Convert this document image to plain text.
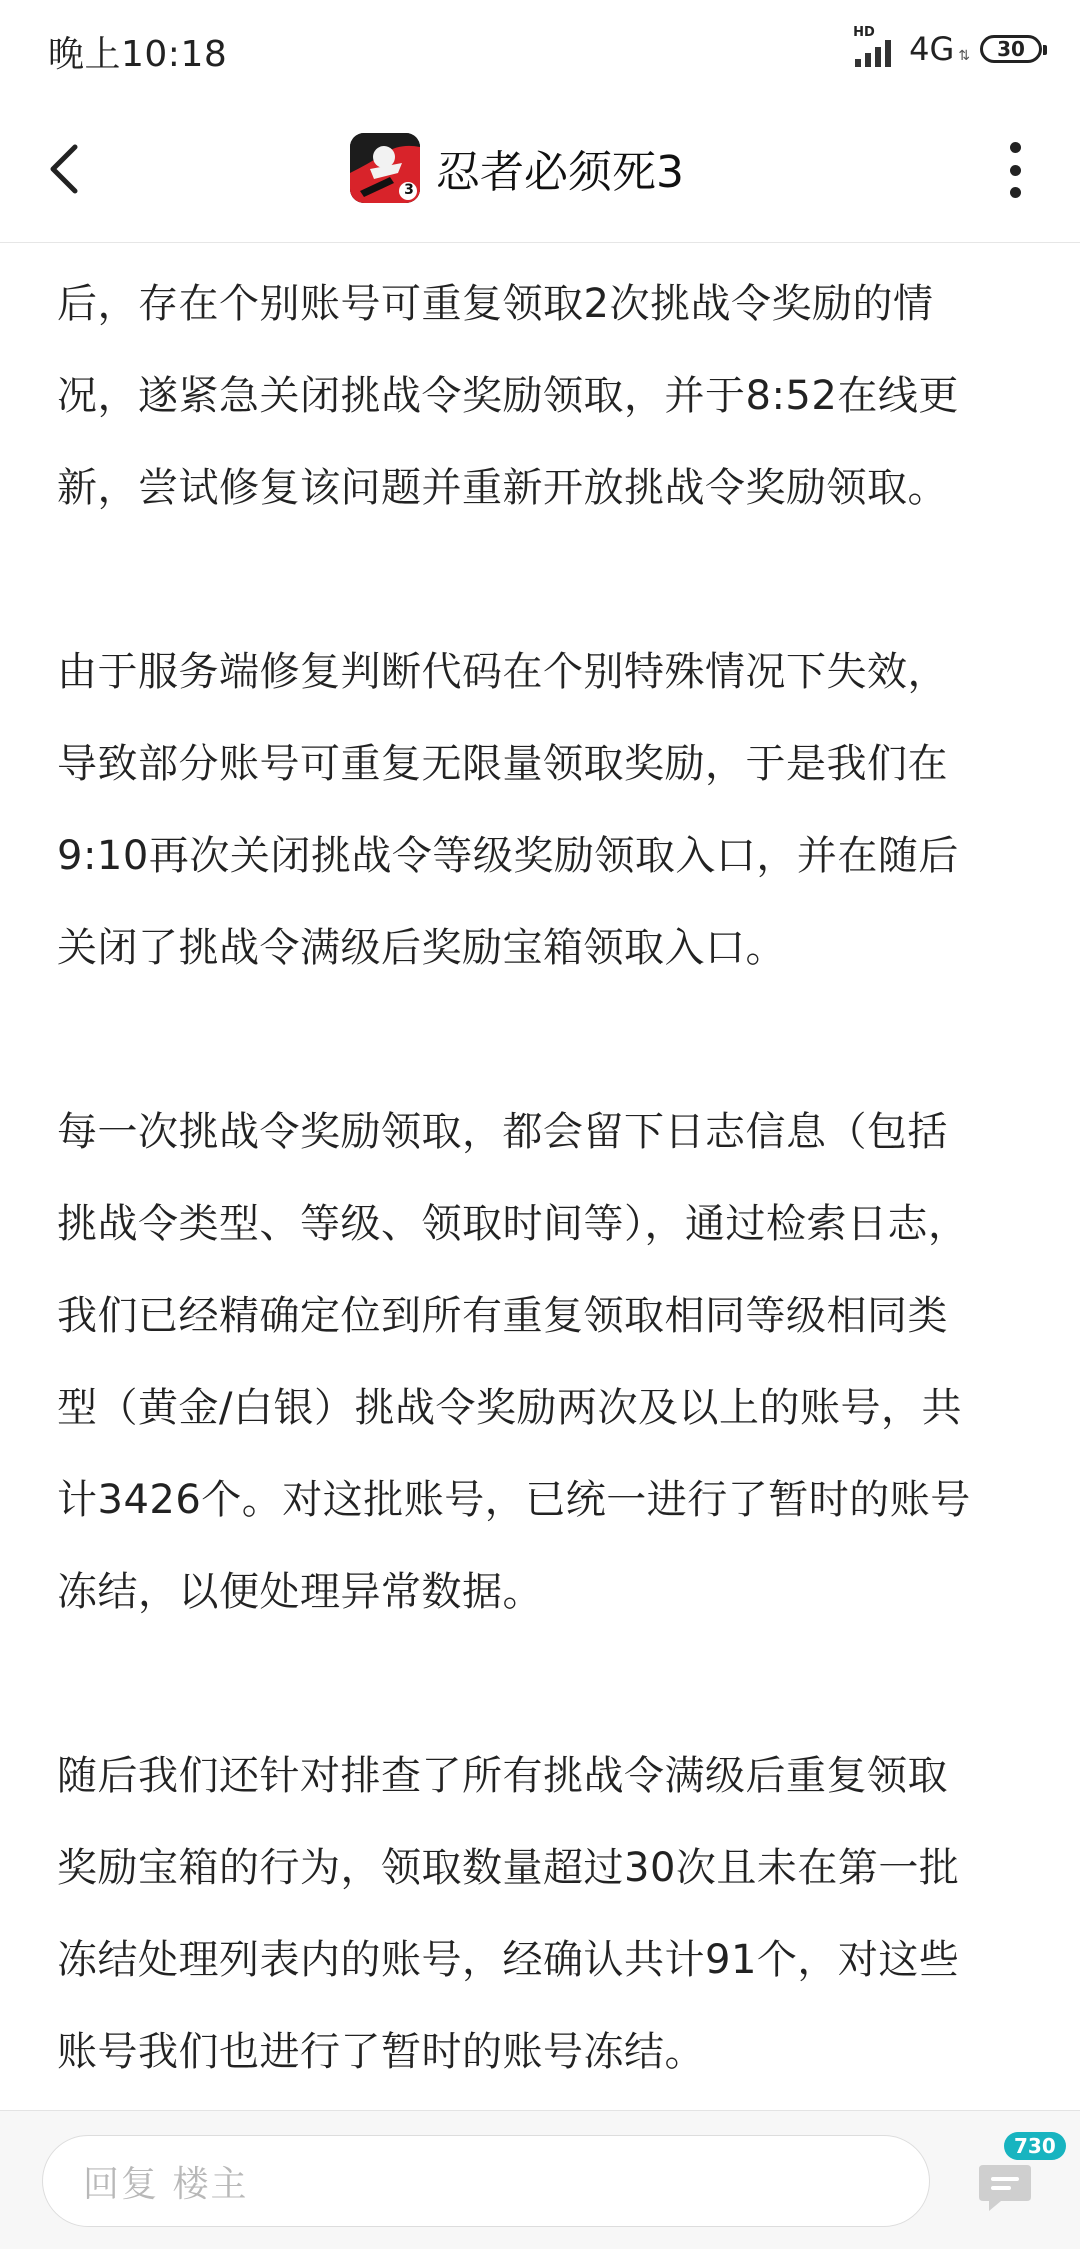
晚上10:18
HD 4G ⇅ 30
3 忍者必须死3

后，存在个别账号可重复领取2次挑战令奖励的情
况，遂紧急关闭挑战令奖励领取，并于8:52在线更
新，尝试修复该问题并重新开放挑战令奖励领取。

由于服务端修复判断代码在个别特殊情况下失效，
导致部分账号可重复无限量领取奖励，于是我们在
9:10再次关闭挑战令等级奖励领取入口，并在随后
关闭了挑战令满级后奖励宝箱领取入口。

每一次挑战令奖励领取，都会留下日志信息（包括
挑战令类型、等级、领取时间等），通过检索日志，
我们已经精确定位到所有重复领取相同等级相同类
型（黄金/白银）挑战令奖励两次及以上的账号，共
计3426个。对这批账号，已统一进行了暂时的账号
冻结，以便处理异常数据。

随后我们还针对排查了所有挑战令满级后重复领取
奖励宝箱的行为，领取数量超过30次且未在第一批
冻结处理列表内的账号，经确认共计91个，对这些
账号我们也进行了暂时的账号冻结。

回复 楼主
730
